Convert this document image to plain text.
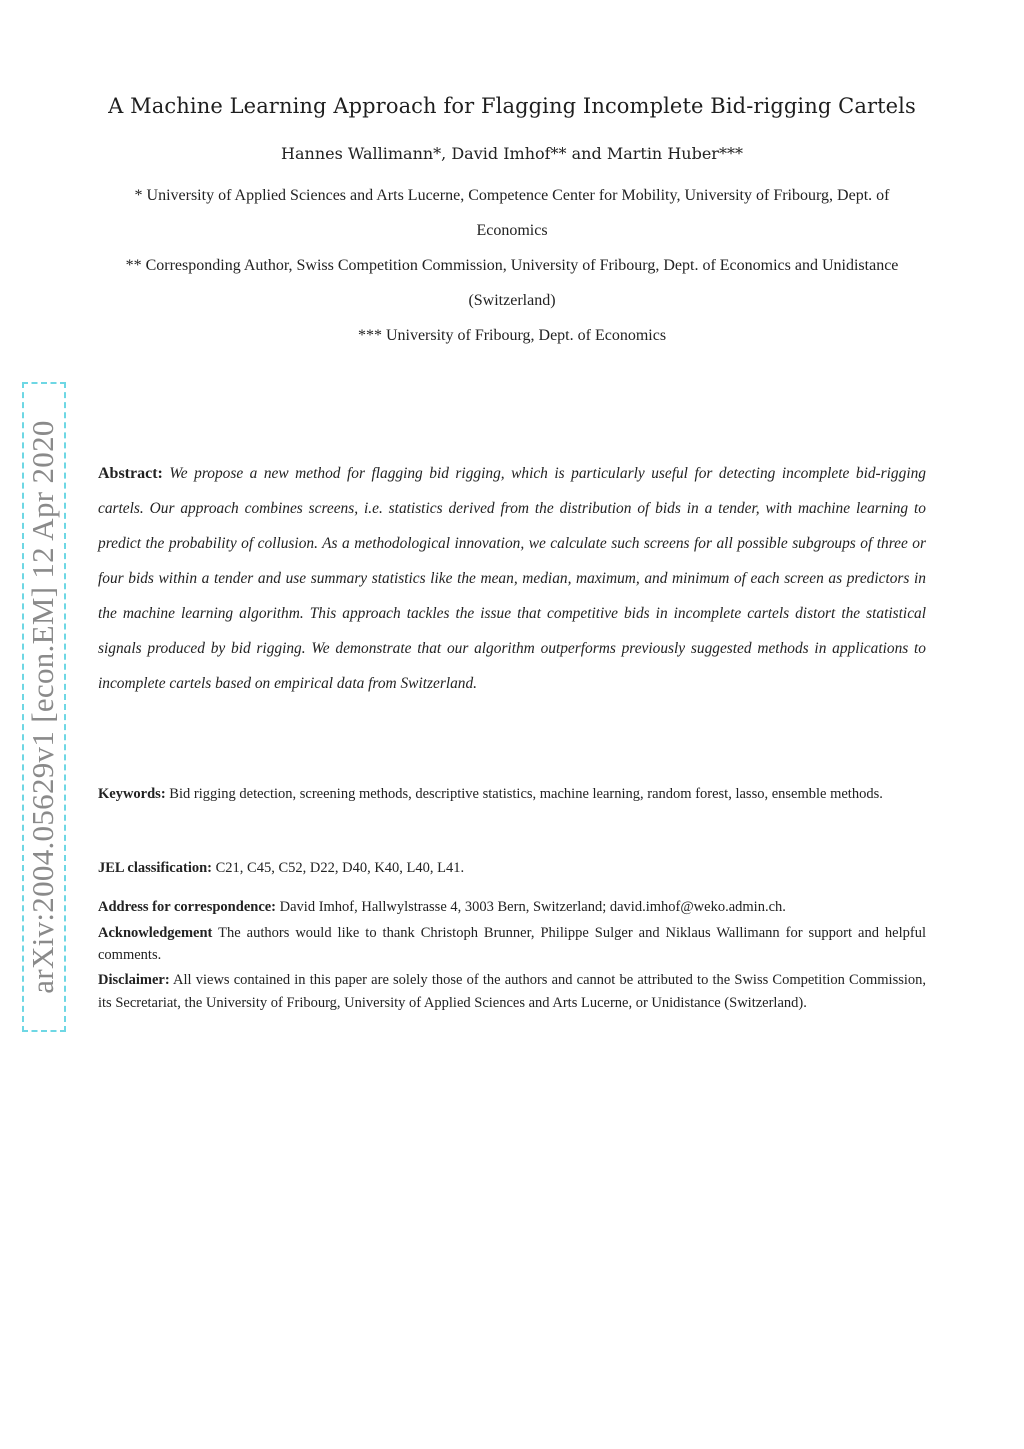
A Machine Learning Approach for Flagging Incomplete Bid-rigging Cartels
Hannes Wallimann*, David Imhof** and Martin Huber***
* University of Applied Sciences and Arts Lucerne, Competence Center for Mobility, University of Fribourg, Dept. of Economics
** Corresponding Author, Swiss Competition Commission, University of Fribourg, Dept. of Economics and Unidistance (Switzerland)
*** University of Fribourg, Dept. of Economics
arXiv:2004.05629v1 [econ.EM] 12 Apr 2020 Abstract: We propose a new method for flagging bid rigging, which is particularly useful for detecting incomplete bid-rigging cartels. Our approach combines screens, i.e. statistics derived from the distribution of bids in a tender, with machine learning to predict the probability of collusion. As a methodological innovation, we calculate such screens for all possible subgroups of three or four bids within a tender and use summary statistics like the mean, median, maximum, and minimum of each screen as predictors in the machine learning algorithm. This approach tackles the issue that competitive bids in incomplete cartels distort the statistical signals produced by bid rigging. We demonstrate that our algorithm outperforms previously suggested methods in applications to incomplete cartels based on empirical data from Switzerland.
Keywords: Bid rigging detection, screening methods, descriptive statistics, machine learning, random forest, lasso, ensemble methods.
JEL classification: C21, C45, C52, D22, D40, K40, L40, L41.
Address for correspondence: David Imhof, Hallwylstrasse 4, 3003 Bern, Switzerland; david.imhof@weko.admin.ch.
Acknowledgement The authors would like to thank Christoph Brunner, Philippe Sulger and Niklaus Wallimann for support and helpful comments.
Disclaimer: All views contained in this paper are solely those of the authors and cannot be attributed to the Swiss Competition Commission, its Secretariat, the University of Fribourg, University of Applied Sciences and Arts Lucerne, or Unidistance (Switzerland).
